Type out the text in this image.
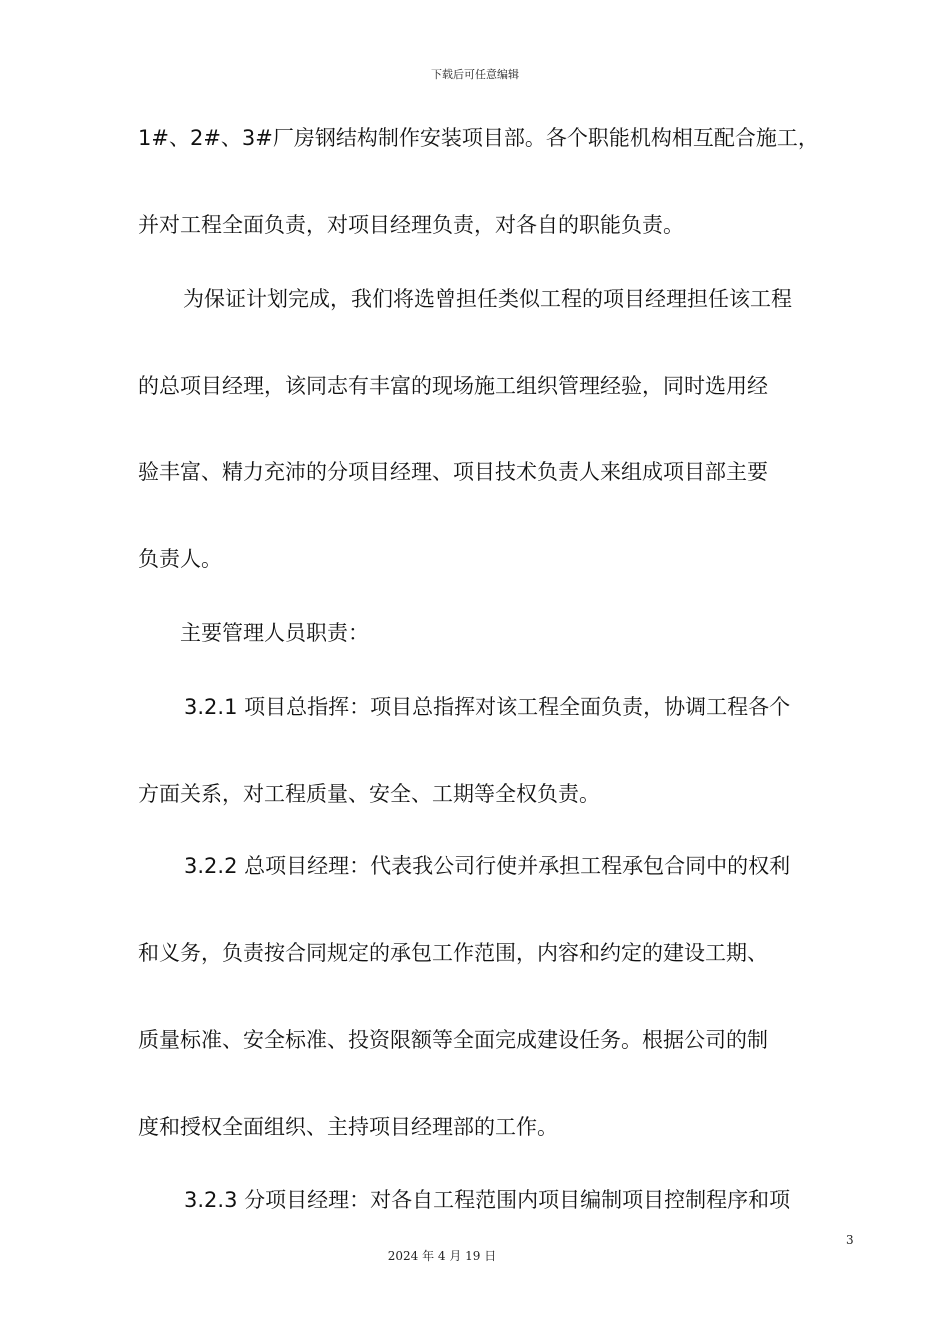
下载后可任意编辑
1#、2#、3#厂房钢结构制作安装项目部。各个职能机构相互配合施工，
并对工程全面负责，对项目经理负责，对各自的职能负责。
为保证计划完成，我们将选曾担任类似工程的项目经理担任该工程
的总项目经理，该同志有丰富的现场施工组织管理经验，同时选用经
验丰富、精力充沛的分项目经理、项目技术负责人来组成项目部主要
负责人。
主要管理人员职责：
3.2.1 项目总指挥：项目总指挥对该工程全面负责，协调工程各个
方面关系，对工程质量、安全、工期等全权负责。
3.2.2 总项目经理：代表我公司行使并承担工程承包合同中的权利
和义务，负责按合同规定的承包工作范围，内容和约定的建设工期、
质量标准、安全标准、投资限额等全面完成建设任务。根据公司的制
度和授权全面组织、主持项目经理部的工作。
3.2.3 分项目经理：对各自工程范围内项目编制项目控制程序和项
3
2024 年 4 月 19 日
